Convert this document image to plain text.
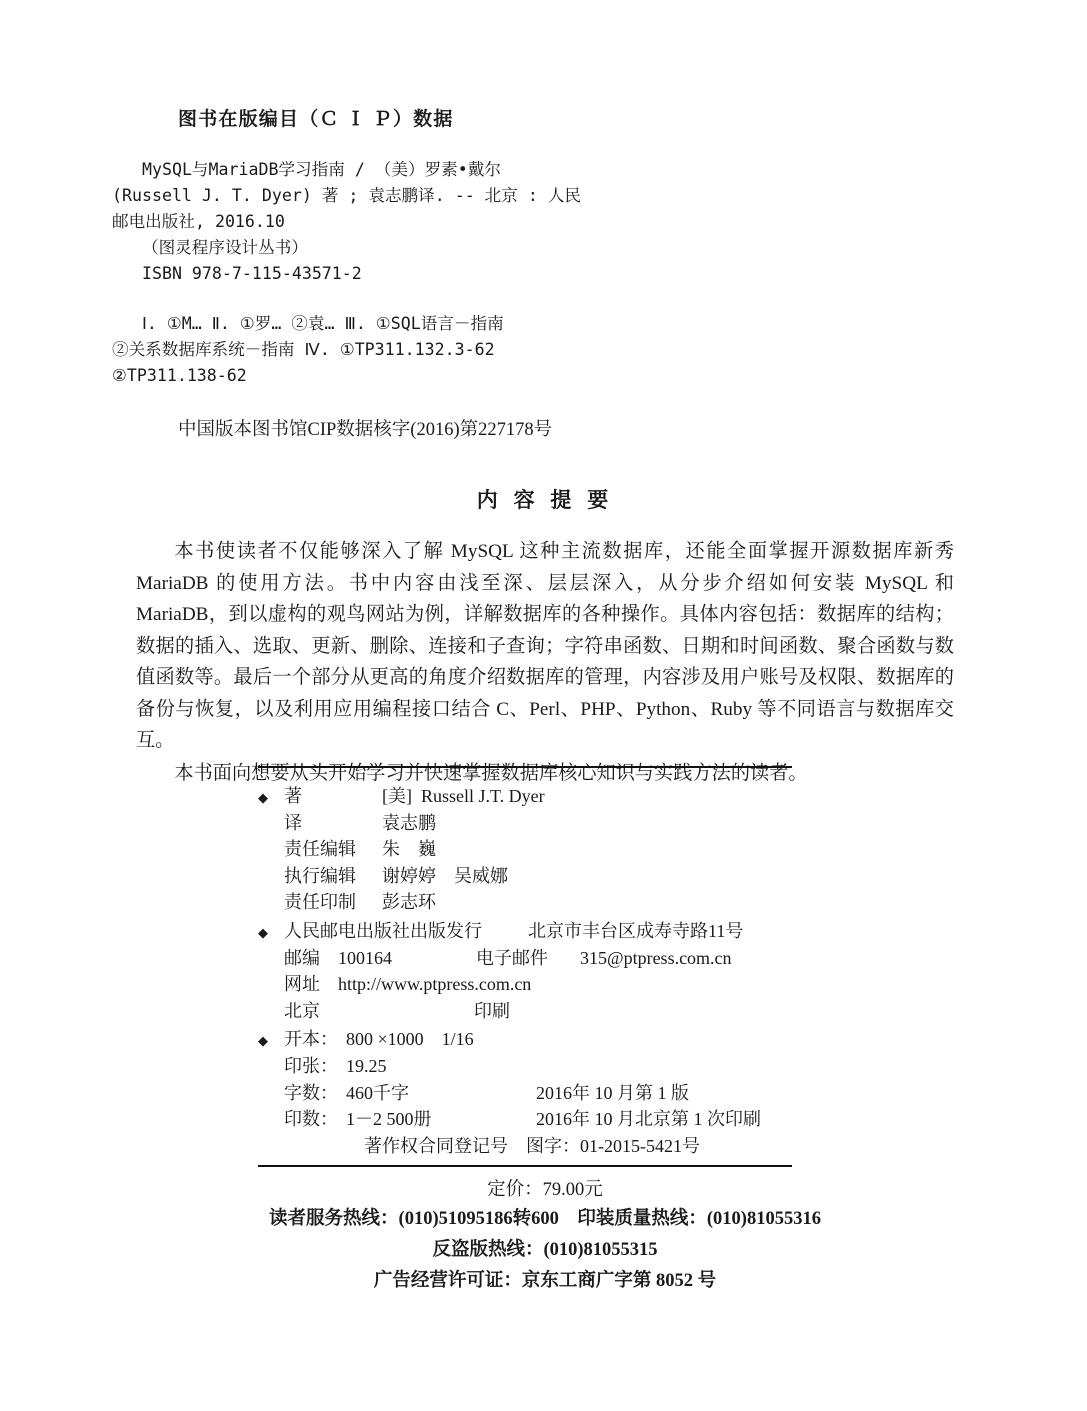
图书在版编目（Ｃ Ｉ Ｐ）数据
MySQL与MariaDB学习指南 / （美）罗素•戴尔
(Russell J. T. Dyer) 著 ; 袁志鹏译. -- 北京 : 人民
邮电出版社, 2016.10
（图灵程序设计丛书）
ISBN 978-7-115-43571-2
Ⅰ. ①M… Ⅱ. ①罗… ②袁… Ⅲ. ①SQL语言－指南
②关系数据库系统－指南 Ⅳ. ①TP311.132.3-62
②TP311.138-62
中国版本图书馆CIP数据核字(2016)第227178号
内 容 提 要

本书使读者不仅能够深入了解 MySQL 这种主流数据库，还能全面掌握开源数据库新秀 MariaDB 的使用方法。书中内容由浅至深、层层深入，从分步介绍如何安装 MySQL 和 MariaDB，到以虚构的观鸟网站为例，详解数据库的各种操作。具体内容包括：数据库的结构；数据的插入、选取、更新、删除、连接和子查询；字符串函数、日期和时间函数、聚合函数与数值函数等。最后一个部分从更高的角度介绍数据库的管理，内容涉及用户账号及权限、数据库的备份与恢复，以及利用应用编程接口结合 C、Perl、PHP、Python、Ruby 等不同语言与数据库交互。

本书面向想要从头开始学习并快速掌握数据库核心知识与实践方法的读者。

◆ 著	[美]  Russell J.T. Dyer
译	袁志鹏
责任编辑	朱　巍
执行编辑	谢婷婷　吴威娜
责任印制	彭志环
◆ 人民邮电出版社出版发行	北京市丰台区成寿寺路11号
邮编	100164	电子邮件	315@ptpress.com.cn
网址	http://www.ptpress.com.cn
北京	印刷
◆ 开本： 800 ×1000　1/16
印张： 19.25
字数： 460千字	2016年 10 月第 1 版
印数： 1－2 500册	2016年 10 月北京第 1 次印刷
著作权合同登记号　图字：01-2015-5421号
定价：79.00元
读者服务热线：(010)51095186转600　印装质量热线：(010)81055316
反盗版热线：(010)81055315
广告经营许可证：京东工商广字第 8052 号
